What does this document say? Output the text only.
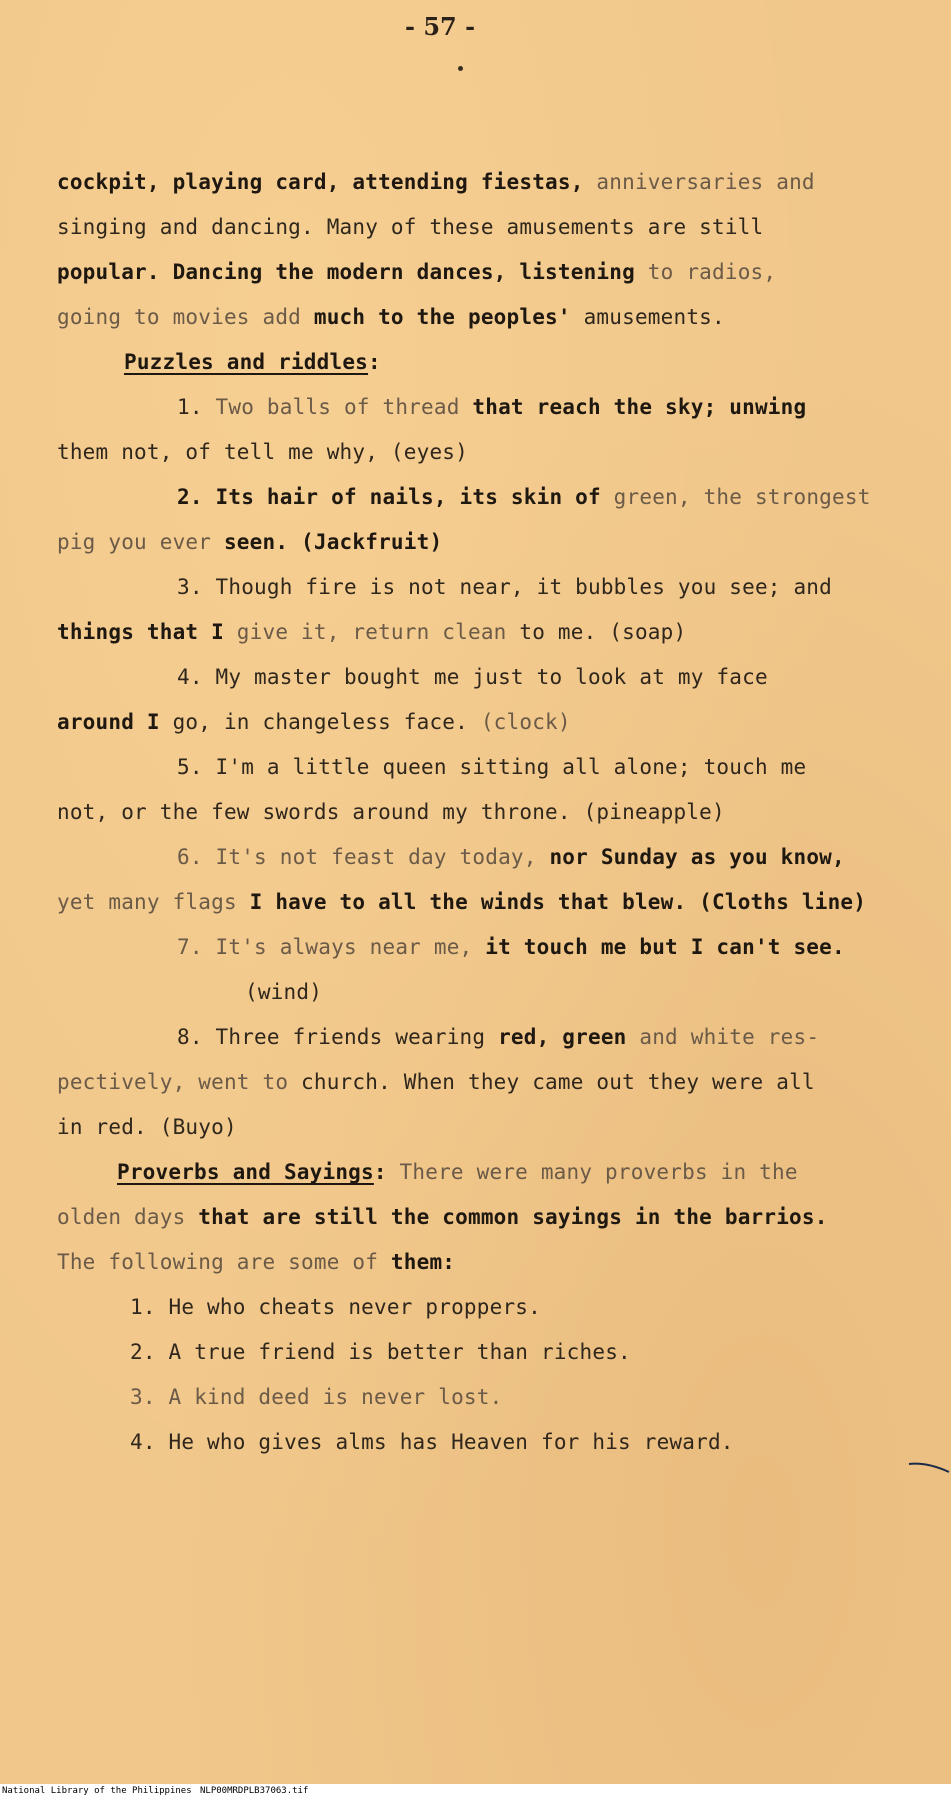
- 57 -
cockpit, playing card, attending fiestas, anniversaries and
singing and dancing. Many of these amusements are still
popular. Dancing the modern dances, listening to radios,
going to movies add much to the peoples' amusements.
Puzzles and riddles:
1. Two balls of thread that reach the sky; unwing
them not, of tell me why, (eyes)
2. Its hair of nails, its skin of green, the strongest
pig you ever seen. (Jackfruit)
3. Though fire is not near, it bubbles you see; and
things that I give it, return clean to me. (soap)
4. My master bought me just to look at my face
around I go, in changeless face. (clock)
5. I'm a little queen sitting all alone; touch me
not, or the few swords around my throne. (pineapple)
6. It's not feast day today, nor Sunday as you know,
yet many flags I have to all the winds that blew. (Cloths line)
7. It's always near me, it touch me but I can't see.
(wind)
8. Three friends wearing red, green and white res-
pectively, went to church. When they came out they were all
in red. (Buyo)
Proverbs and Sayings: There were many proverbs in the
olden days that are still the common sayings in the barrios.
The following are some of them:
1. He who cheats never proppers.
2. A true friend is better than riches.
3. A kind deed is never lost.
4. He who gives alms has Heaven for his reward.
National Library of the Philippines NLP00MRDPLB37063.tif
